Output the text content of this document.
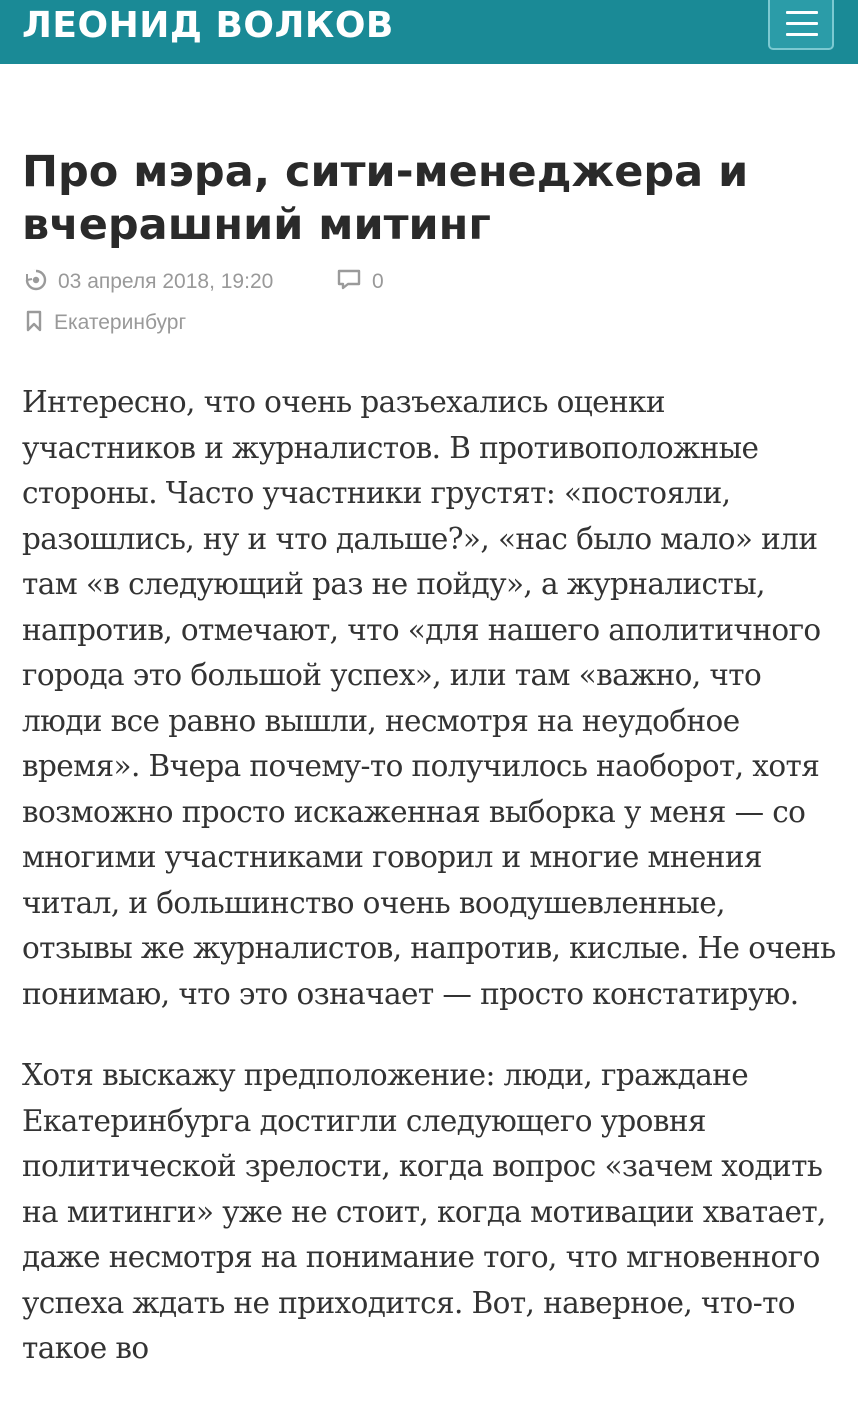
ЛЕОНИД ВОЛКОВ
Про мэра, сити-менеджера и вчерашний митинг
03 апреля 2018, 19:20	0
Екатеринбург

Интересно, что очень разъехались оценки участников и журналистов. В противоположные стороны. Часто участники грустят: «постояли, разошлись, ну и что дальше?», «нас было мало» или там «в следующий раз не пойду», а журналисты, напротив, отмечают, что «для нашего аполитичного города это большой успех», или там «важно, что люди все равно вышли, несмотря на неудобное время». Вчера почему-то получилось наоборот, хотя возможно просто искаженная выборка у меня — со многими участниками говорил и многие мнения читал, и большинство очень воодушевленные, отзывы же журналистов, напротив, кислые. Не очень понимаю, что это означает — просто констатирую.

Хотя выскажу предположение: люди, граждане Екатеринбурга достигли следующего уровня политической зрелости, когда вопрос «зачем ходить на митинги» уже не стоит, когда мотивации хватает, даже несмотря на понимание того, что мгновенного успеха ждать не приходится. Вот, наверное, что-то такое во
